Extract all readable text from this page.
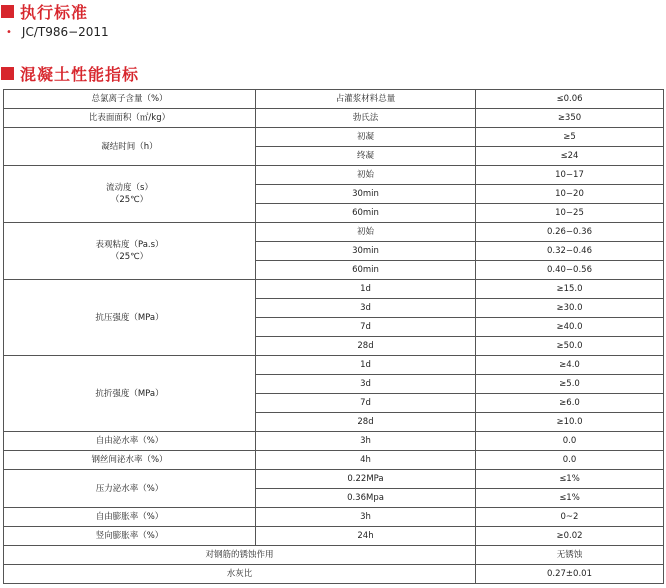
执行标准
• JC/T986−2011
混凝土性能指标
总氯离子含量（%）	占灌浆材料总量	≤0.06
比表面面积（㎡/kg）	勃氏法	≥350
凝结时间（h）	初凝	≥5
	终凝	≤24

流动度（s）
（25℃）	初始	10−17
	30min	10−20
	60min	10−25

表观粘度（Pa.s）
（25℃）	初始	0.26−0.36
	30min	0.32−0.46
	60min	0.40−0.56
抗压强度（MPa）	1d	≥15.0
	3d	≥30.0
	7d	≥40.0
	28d	≥50.0
抗折强度（MPa）	1d	≥4.0
	3d	≥5.0
	7d	≥6.0
	28d	≥10.0
自由泌水率（%）	3h	0.0
钢丝间泌水率（%）	4h	0.0
压力泌水率（%）	0.22MPa	≤1%
	0.36Mpa	≤1%
自由膨胀率（%）	3h	0~2
竖向膨胀率（%）	24h	≥0.02
对钢筋的锈蚀作用		无锈蚀
水灰比		0.27±0.01
